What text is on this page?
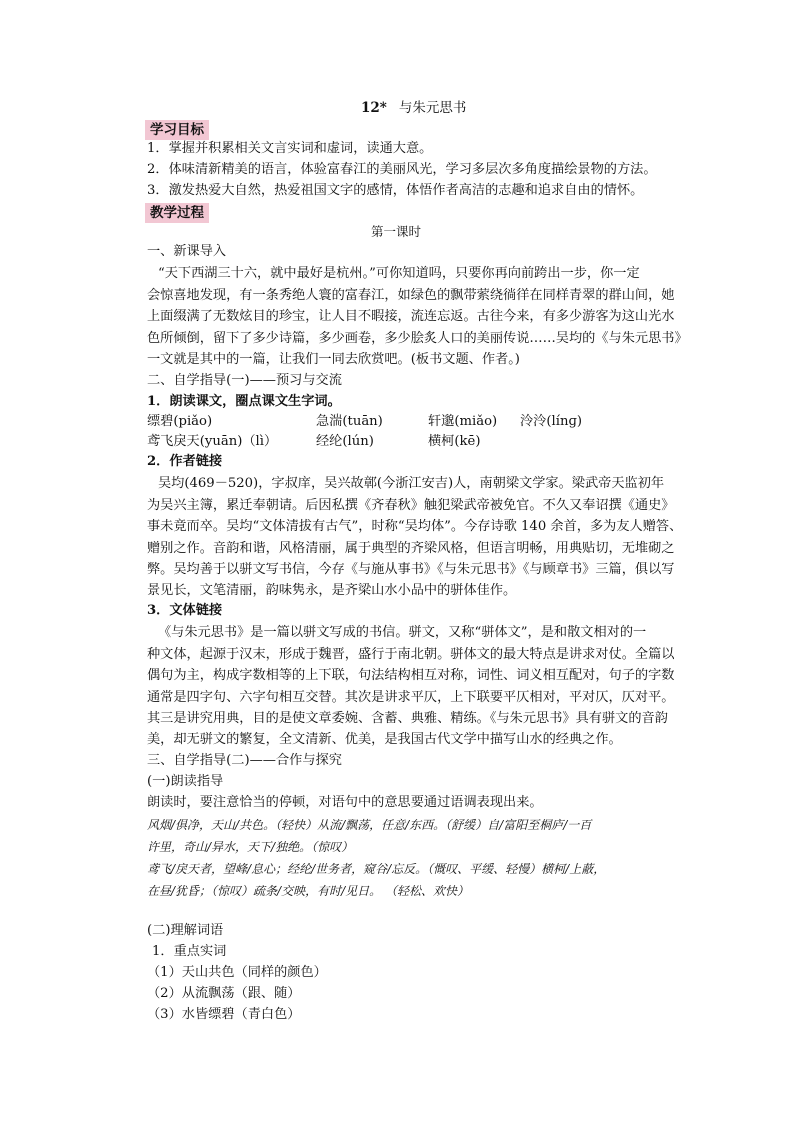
12* 与朱元思书
学习目标
1．掌握并积累相关文言实词和虚词，读通大意。
2．体味清新精美的语言，体验富春江的美丽风光，学习多层次多角度描绘景物的方法。
3．激发热爱大自然，热爱祖国文字的感情，体悟作者高洁的志趣和追求自由的情怀。
教学过程
第一课时
一、新课导入
“天下西湖三十六，就中最好是杭州。”可你知道吗，只要你再向前跨出一步，你一定
会惊喜地发现，有一条秀绝人寰的富春江，如绿色的飘带萦绕徜徉在同样青翠的群山间，她
上面缀满了无数炫目的珍宝，让人目不暇接，流连忘返。古往今来，有多少游客为这山光水
色所倾倒，留下了多少诗篇，多少画卷，多少脍炙人口的美丽传说……吴均的《与朱元思书》
一文就是其中的一篇，让我们一同去欣赏吧。(板书文题、作者。)
二、自学指导(一)——预习与交流
1．朗读课文，圈点课文生字词。
缥碧(piǎo)	急湍(tuān)	轩邈(miǎo) 泠泠(línɡ)
鸢飞戾天(yuān)（lì）	经纶(lún)	横柯(kē)
2．作者链接
吴均(469－520)，字叔庠，吴兴故鄣(今浙江安吉)人，南朝梁文学家。梁武帝天监初年
为吴兴主簿，累迁奉朝请。后因私撰《齐春秋》触犯梁武帝被免官。不久又奉诏撰《通史》
事未竟而卒。吴均“文体清拔有古气”，时称“吴均体”。今存诗歌 140 余首，多为友人赠答、
赠别之作。音韵和谐，风格清丽，属于典型的齐梁风格，但语言明畅，用典贴切，无堆砌之
弊。吴均善于以骈文写书信，今存《与施从事书》《与朱元思书》《与顾章书》三篇，俱以写
景见长，文笔清丽，韵味隽永，是齐梁山水小品中的骈体佳作。
3．文体链接
《与朱元思书》是一篇以骈文写成的书信。骈文，又称“骈体文”，是和散文相对的一
种文体，起源于汉末，形成于魏晋，盛行于南北朝。骈体文的最大特点是讲求对仗。全篇以
偶句为主，构成字数相等的上下联，句法结构相互对称，词性、词义相互配对，句子的字数
通常是四字句、六字句相互交替。其次是讲求平仄，上下联要平仄相对，平对仄，仄对平。
其三是讲究用典，目的是使文章委婉、含蓄、典雅、精练。《与朱元思书》具有骈文的音韵
美，却无骈文的繁复，全文清新、优美，是我国古代文学中描写山水的经典之作。
三、自学指导(二)——合作与探究
(一)朗读指导
朗读时，要注意恰当的停顿，对语句中的意思要通过语调表现出来。
风烟/俱净，天山/共色。（轻快）从流/飘荡，任意/东西。（舒缓）自/富阳至桐庐/一百
许里，奇山/异水，天下/独绝。（惊叹）
鸢飞/戾天者，望峰/息心；经纶/世务者，窥谷/忘反。（慨叹、平缓、轻慢）横柯/上蔽，
在昼/犹昏；（惊叹）疏条/交映，有时/见日。 （轻松、欢快）
(二)理解词语
1．重点实词
（1）天山共色（同样的颜色）
（2）从流飘荡（跟、随）
（3）水皆缥碧（青白色）
